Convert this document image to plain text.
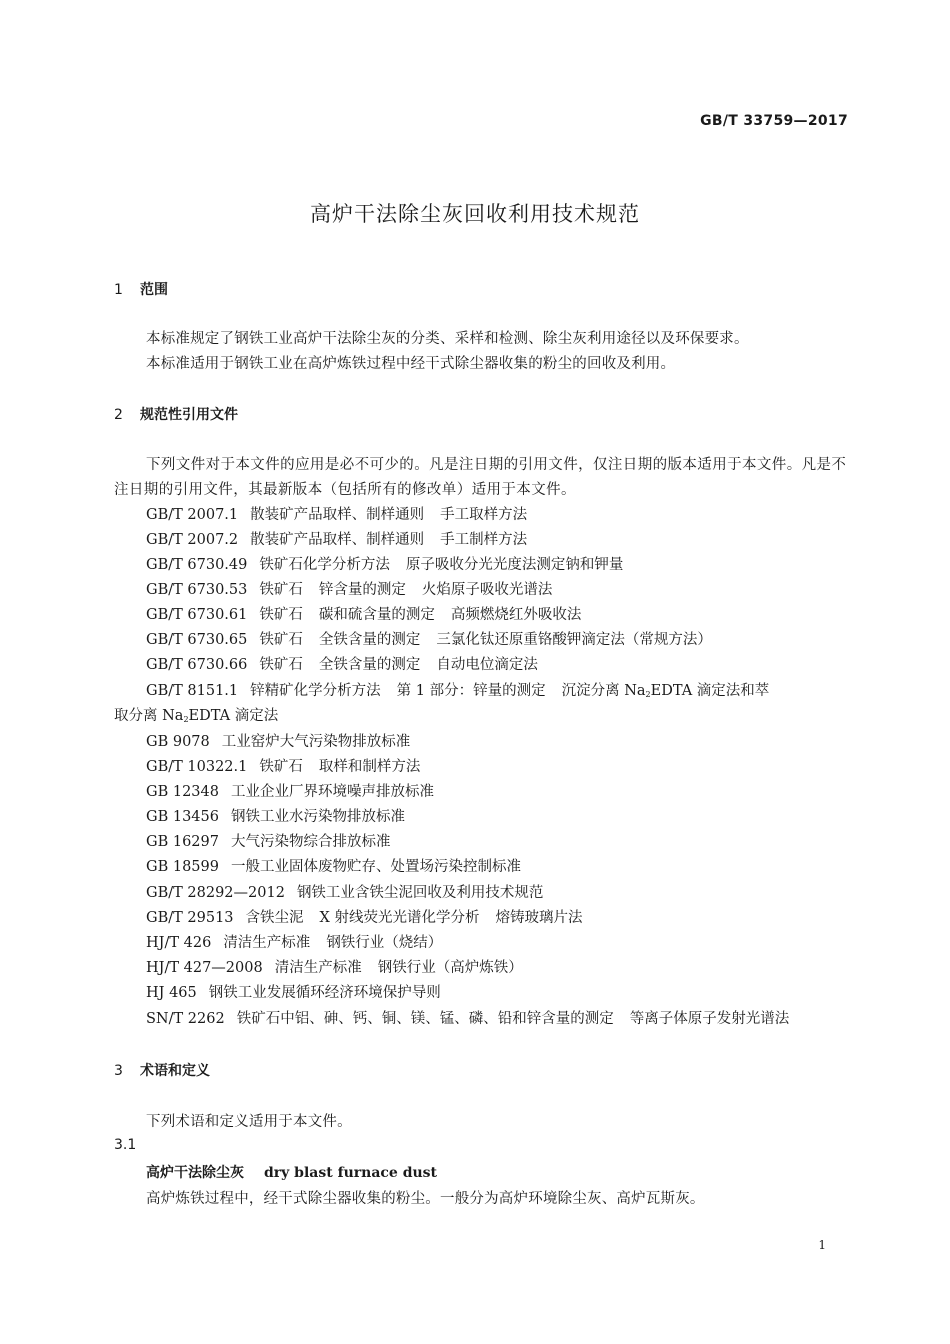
GB/T 33759—2017
高炉干法除尘灰回收利用技术规范
1 范围
本标准规定了钢铁工业高炉干法除尘灰的分类、采样和检测、除尘灰利用途径以及环保要求。
本标准适用于钢铁工业在高炉炼铁过程中经干式除尘器收集的粉尘的回收及利用。
2 规范性引用文件
下列文件对于本文件的应用是必不可少的。凡是注日期的引用文件，仅注日期的版本适用于本文件。凡是不注日期的引用文件，其最新版本（包括所有的修改单）适用于本文件。
GB/T 2007.1 散装矿产品取样、制样通则 手工取样方法
GB/T 2007.2 散装矿产品取样、制样通则 手工制样方法
GB/T 6730.49 铁矿石化学分析方法 原子吸收分光光度法测定钠和钾量
GB/T 6730.53 铁矿石 锌含量的测定 火焰原子吸收光谱法
GB/T 6730.61 铁矿石 碳和硫含量的测定 高频燃烧红外吸收法
GB/T 6730.65 铁矿石 全铁含量的测定 三氯化钛还原重铬酸钾滴定法（常规方法）
GB/T 6730.66 铁矿石 全铁含量的测定 自动电位滴定法
GB/T 8151.1 锌精矿化学分析方法 第 1 部分：锌量的测定 沉淀分离 $Na_2EDTA$ 滴定法和萃
取分离 $Na_2EDTA$ 滴定法
GB 9078 工业窑炉大气污染物排放标准
GB/T 10322.1 铁矿石 取样和制样方法
GB 12348 工业企业厂界环境噪声排放标准
GB 13456 钢铁工业水污染物排放标准
GB 16297 大气污染物综合排放标准
GB 18599 一般工业固体废物贮存、处置场污染控制标准
GB/T 28292—2012 钢铁工业含铁尘泥回收及利用技术规范
GB/T 29513 含铁尘泥 X 射线荧光光谱化学分析 熔铸玻璃片法
HJ/T 426 清洁生产标准 钢铁行业（烧结）
HJ/T 427—2008 清洁生产标准 钢铁行业（高炉炼铁）
HJ 465 钢铁工业发展循环经济环境保护导则
SN/T 2262 铁矿石中铝、砷、钙、铜、镁、锰、磷、铅和锌含量的测定 等离子体原子发射光谱法
3 术语和定义
下列术语和定义适用于本文件。
3.1
高炉干法除尘灰 dry blast furnace dust
高炉炼铁过程中，经干式除尘器收集的粉尘。一般分为高炉环境除尘灰、高炉瓦斯灰。
1
